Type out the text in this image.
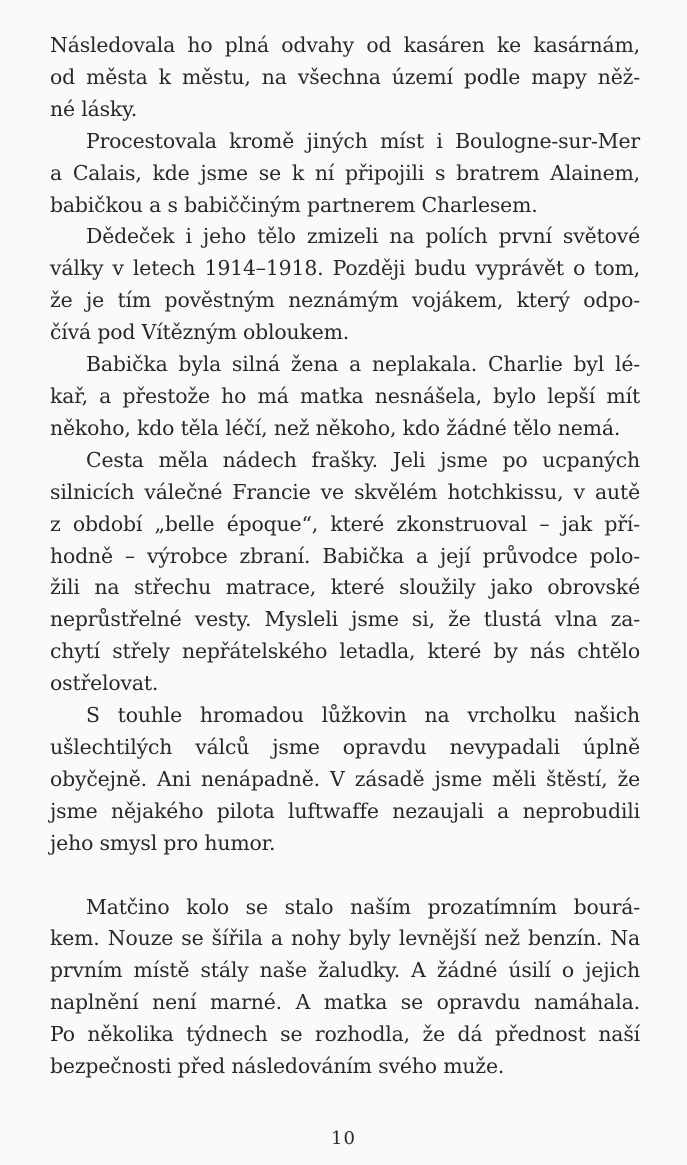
Následovala ho plná odvahy od kasáren ke kasárnám,
od města k městu, na všechna území podle mapy něž-
né lásky.
Procestovala kromě jiných míst i Boulogne-sur-Mer
a Calais, kde jsme se k ní připojili s bratrem Alainem,
babičkou a s babiččiným partnerem Charlesem.
Dědeček i jeho tělo zmizeli na polích první světové
války v letech 1914–1918. Později budu vyprávět o tom,
že je tím pověstným neznámým vojákem, který odpo-
čívá pod Vítězným obloukem.
Babička byla silná žena a neplakala. Charlie byl lé-
kař, a přestože ho má matka nesnášela, bylo lepší mít
někoho, kdo těla léčí, než někoho, kdo žádné tělo nemá.
Cesta měla nádech frašky. Jeli jsme po ucpaných
silnicích válečné Francie ve skvělém hotchkissu, v autě
z období „belle époque“, které zkonstruoval – jak pří-
hodně – výrobce zbraní. Babička a její průvodce polo-
žili na střechu matrace, které sloužily jako obrovské
neprůstřelné vesty. Mysleli jsme si, že tlustá vlna za-
chytí střely nepřátelského letadla, které by nás chtělo
ostřelovat.
S touhle hromadou lůžkovin na vrcholku našich
ušlechtilých válců jsme opravdu nevypadali úplně
obyčejně. Ani nenápadně. V zásadě jsme měli štěstí, že
jsme nějakého pilota luftwaffe nezaujali a neprobudili
jeho smysl pro humor.
Matčino kolo se stalo naším prozatímním bourá-
kem. Nouze se šířila a nohy byly levnější než benzín. Na
prvním místě stály naše žaludky. A žádné úsilí o jejich
naplnění není marné. A matka se opravdu namáhala.
Po několika týdnech se rozhodla, že dá přednost naší
bezpečnosti před následováním svého muže.
10
